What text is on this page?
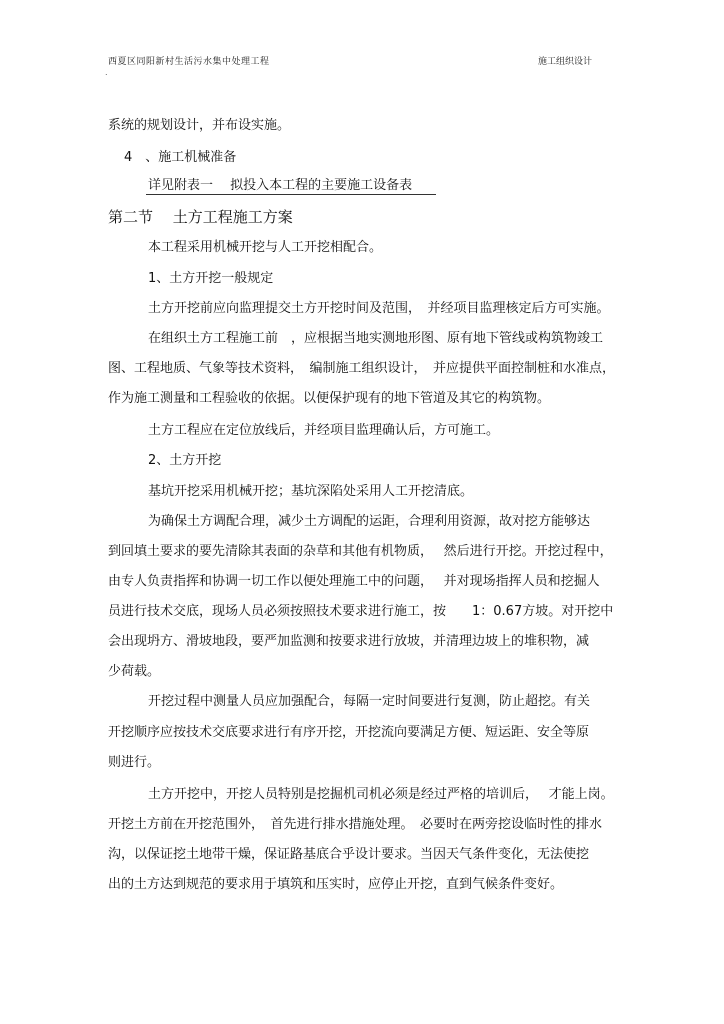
西夏区同阳新村生活污水集中处理工程	施工组织设计
.
系统的规划设计，并布设实施。
4　、施工机械准备
详见附表一　 拟投入本工程的主要施工设备表
第二节　 土方工程施工方案
本工程采用机械开挖与人工开挖相配合。
1、土方开挖一般规定
土方开挖前应向监理提交土方开挖时间及范围，　并经项目监理核定后方可实施。
在组织土方工程施工前　，应根据当地实测地形图、原有地下管线或构筑物竣工
图、工程地质、气象等技术资料，　编制施工组织设计，　并应提供平面控制桩和水准点，
作为施工测量和工程验收的依据。以便保护现有的地下管道及其它的构筑物。
土方工程应在定位放线后，并经项目监理确认后，方可施工。
2、土方开挖
基坑开挖采用机械开挖；基坑深陷处采用人工开挖清底。
为确保土方调配合理，减少土方调配的运距，合理利用资源，故对挖方能够达
到回填土要求的要先清除其表面的杂草和其他有机物质，　 然后进行开挖。开挖过程中，
由专人负责指挥和协调一切工作以便处理施工中的问题，　 并对现场指挥人员和挖掘人
员进行技术交底，现场人员必须按照技术要求进行施工，按　　1：0.67方坡。对开挖中
会出现坍方、滑坡地段，要严加监测和按要求进行放坡，并清理边坡上的堆积物，减
少荷载。
开挖过程中测量人员应加强配合，每隔一定时间要进行复测，防止超挖。有关
开挖顺序应按技术交底要求进行有序开挖，开挖流向要满足方便、短运距、安全等原
则进行。
土方开挖中，开挖人员特别是挖掘机司机必须是经过严格的培训后，　 才能上岗。
开挖土方前在开挖范围外，　首先进行排水措施处理。　必要时在两旁挖设临时性的排水
沟，以保证挖土地带干燥，保证路基底合乎设计要求。当因天气条件变化，无法使挖
出的土方达到规范的要求用于填筑和压实时，应停止开挖，直到气候条件变好。
